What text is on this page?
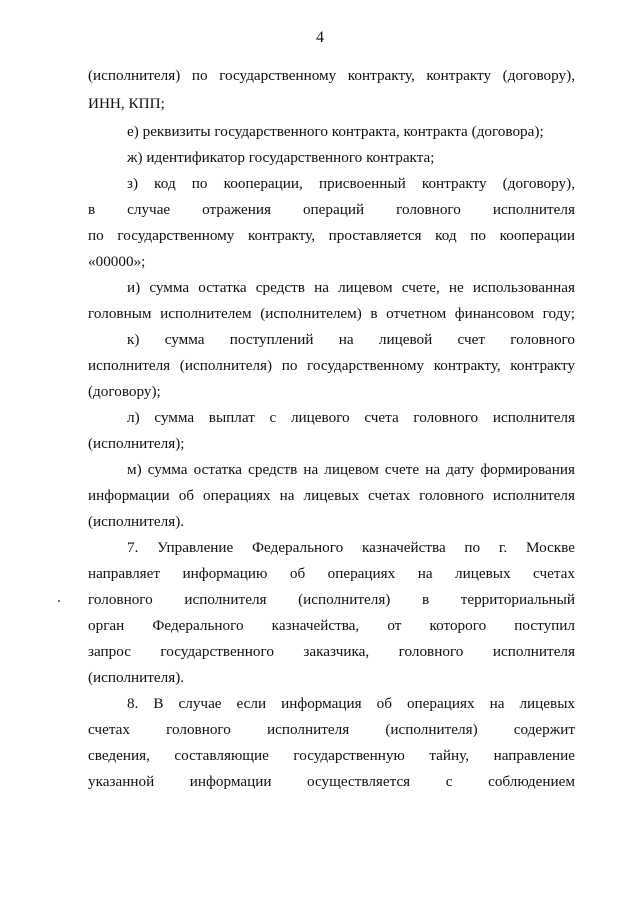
4
(исполнителя) по государственному контракту, контракту (договору),
ИНН, КПП;
е) реквизиты государственного контракта, контракта (договора);
ж) идентификатор государственного контракта;
з) код по кооперации, присвоенный контракту (договору),
в случае отражения операций головного исполнителя
по государственному контракту, проставляется код по кооперации
«00000»;
и) сумма остатка средств на лицевом счете, не использованная
головным исполнителем (исполнителем) в отчетном финансовом году;
к) сумма поступлений на лицевой счет головного
исполнителя (исполнителя) по государственному контракту, контракту
(договору);
л) сумма выплат с лицевого счета головного исполнителя
(исполнителя);
м) сумма остатка средств на лицевом счете на дату формирования
информации об операциях на лицевых счетах головного исполнителя
(исполнителя).
7. Управление Федерального казначейства по г. Москве
направляет информацию об операциях на лицевых счетах
головного исполнителя (исполнителя) в территориальный
орган Федерального казначейства, от которого поступил
запрос государственного заказчика, головного исполнителя
(исполнителя).
8. В случае если информация об операциях на лицевых
счетах головного исполнителя (исполнителя) содержит
сведения, составляющие государственную тайну, направление
указанной информации осуществляется с соблюдением
